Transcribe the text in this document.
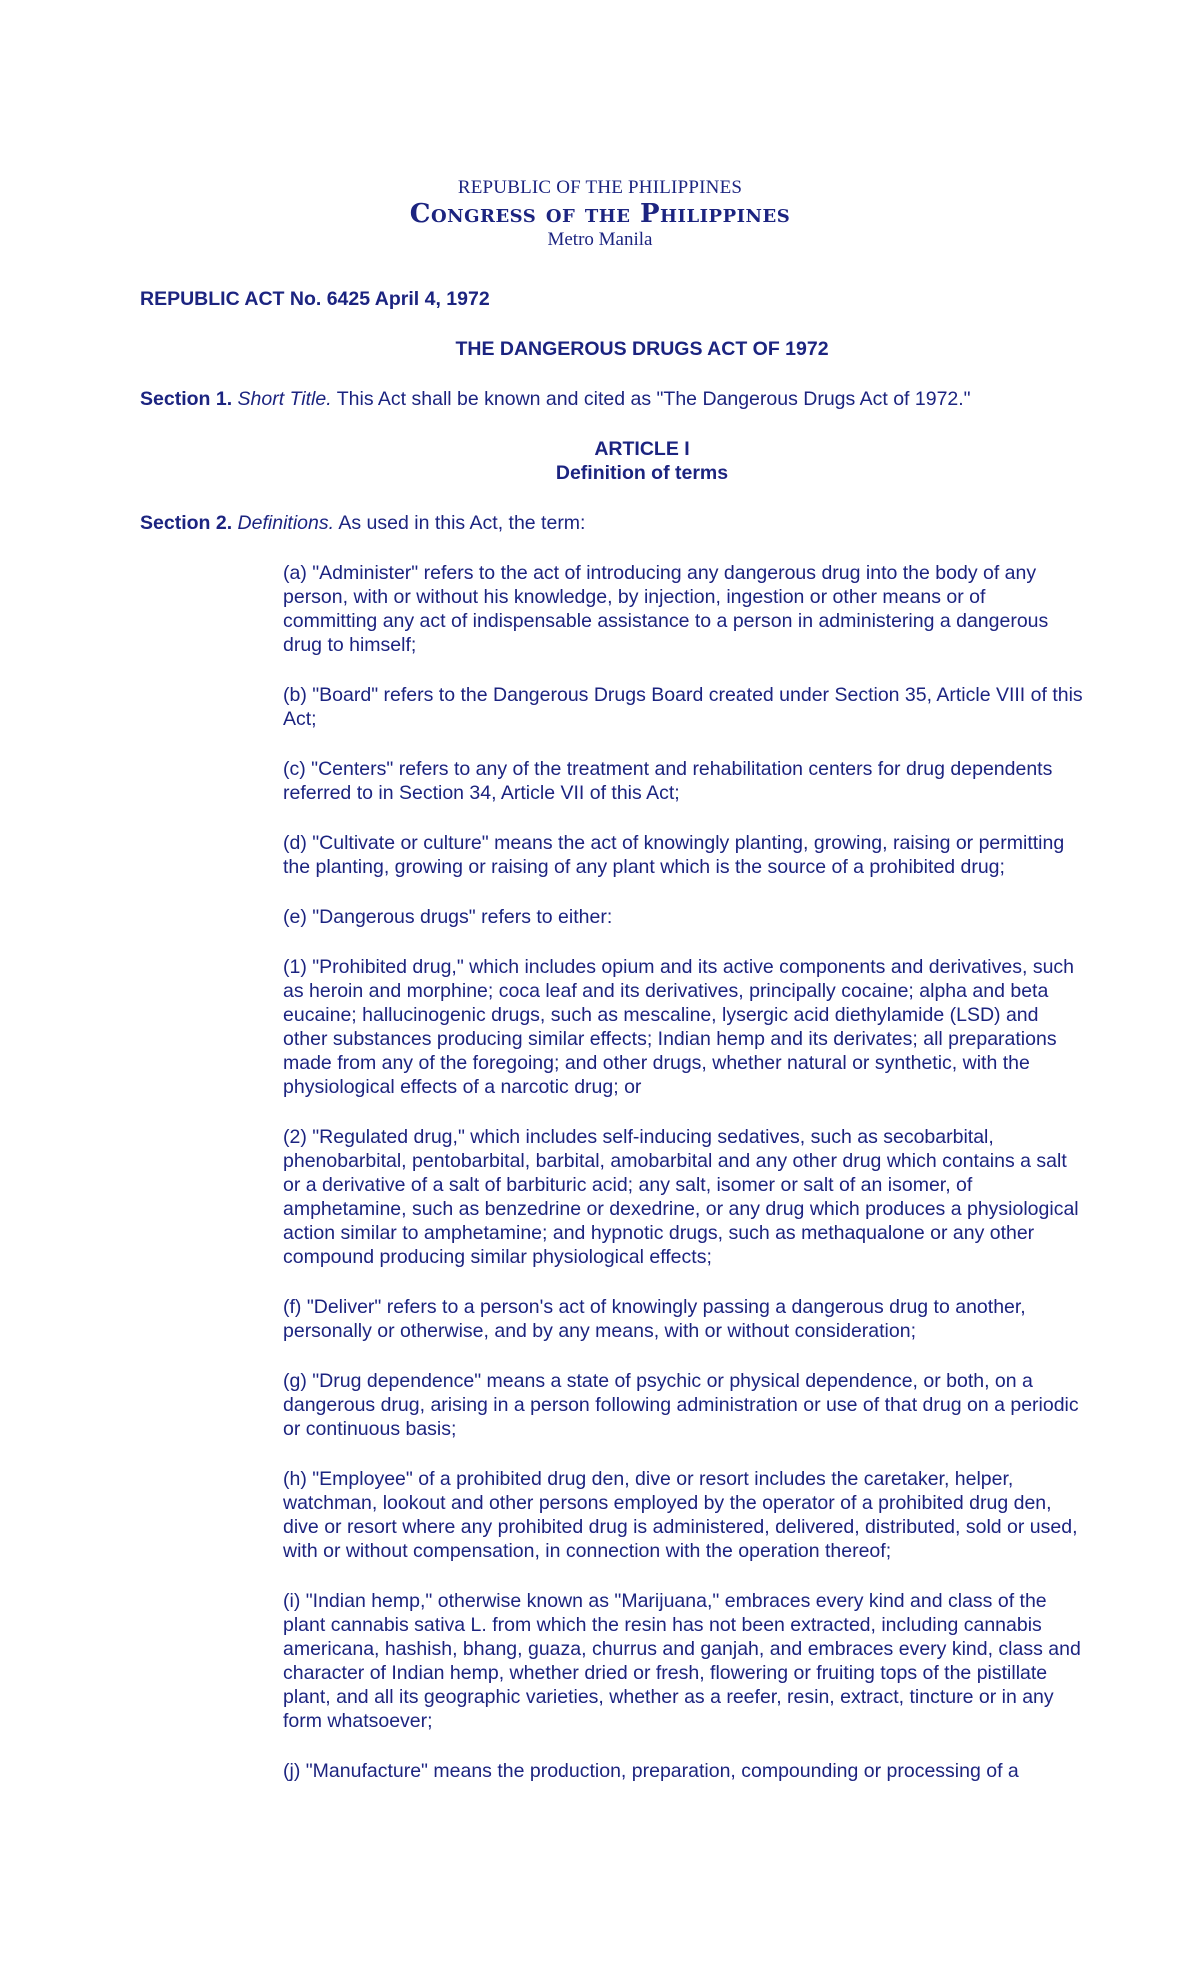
REPUBLIC OF THE PHILIPPINES
Congress of the Philippines
Metro Manila

REPUBLIC ACT No. 6425 April 4, 1972

THE DANGEROUS DRUGS ACT OF 1972

Section 1. Short Title. This Act shall be known and cited as "The Dangerous Drugs Act of 1972."

ARTICLE I
Definition of terms

Section 2. Definitions. As used in this Act, the term:

(a) "Administer" refers to the act of introducing any dangerous drug into the body of any person, with or without his knowledge, by injection, ingestion or other means or of committing any act of indispensable assistance to a person in administering a dangerous drug to himself;

(b) "Board" refers to the Dangerous Drugs Board created under Section 35, Article VIII of this Act;

(c) "Centers" refers to any of the treatment and rehabilitation centers for drug dependents referred to in Section 34, Article VII of this Act;

(d) "Cultivate or culture" means the act of knowingly planting, growing, raising or permitting the planting, growing or raising of any plant which is the source of a prohibited drug;

(e) "Dangerous drugs" refers to either:

(1) "Prohibited drug," which includes opium and its active components and derivatives, such as heroin and morphine; coca leaf and its derivatives, principally cocaine; alpha and beta eucaine; hallucinogenic drugs, such as mescaline, lysergic acid diethylamide (LSD) and other substances producing similar effects; Indian hemp and its derivates; all preparations made from any of the foregoing; and other drugs, whether natural or synthetic, with the physiological effects of a narcotic drug; or

(2) "Regulated drug," which includes self-inducing sedatives, such as secobarbital, phenobarbital, pentobarbital, barbital, amobarbital and any other drug which contains a salt or a derivative of a salt of barbituric acid; any salt, isomer or salt of an isomer, of amphetamine, such as benzedrine or dexedrine, or any drug which produces a physiological action similar to amphetamine; and hypnotic drugs, such as methaqualone or any other compound producing similar physiological effects;

(f) "Deliver" refers to a person's act of knowingly passing a dangerous drug to another, personally or otherwise, and by any means, with or without consideration;

(g) "Drug dependence" means a state of psychic or physical dependence, or both, on a dangerous drug, arising in a person following administration or use of that drug on a periodic or continuous basis;

(h) "Employee" of a prohibited drug den, dive or resort includes the caretaker, helper, watchman, lookout and other persons employed by the operator of a prohibited drug den, dive or resort where any prohibited drug is administered, delivered, distributed, sold or used, with or without compensation, in connection with the operation thereof;

(i) "Indian hemp," otherwise known as "Marijuana," embraces every kind and class of the plant cannabis sativa L. from which the resin has not been extracted, including cannabis americana, hashish, bhang, guaza, churrus and ganjah, and embraces every kind, class and character of Indian hemp, whether dried or fresh, flowering or fruiting tops of the pistillate plant, and all its geographic varieties, whether as a reefer, resin, extract, tincture or in any form whatsoever;

(j) "Manufacture" means the production, preparation, compounding or processing of a
